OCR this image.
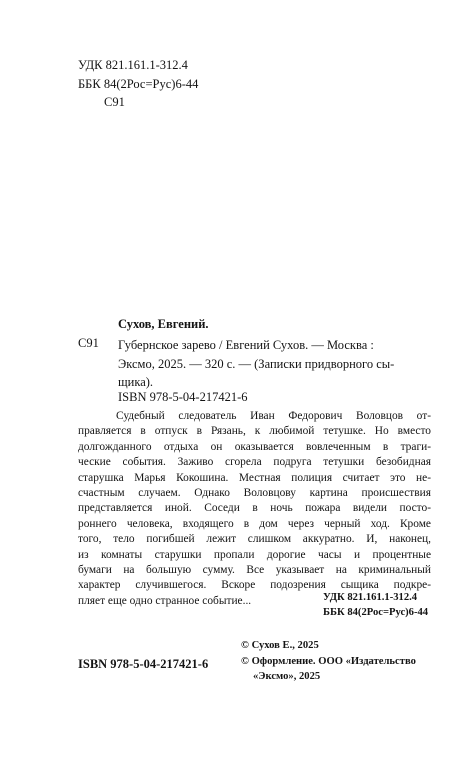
УДК 821.161.1-312.4
ББК 84(2Рос=Рус)6-44
С91
Сухов, Евгений.
С91 Губернское зарево / Евгений Сухов. — Москва :
Эксмо, 2025. — 320 с. — (Записки придворного сы-
щика).
ISBN 978-5-04-217421-6
Судебный следователь Иван Федорович Воловцов от-
правляется в отпуск в Рязань, к любимой тетушке. Но вместо
долгожданного отдыха он оказывается вовлеченным в траги-
ческие события. Заживо сгорела подруга тетушки безобидная
старушка Марья Кокошина. Местная полиция считает это не-
счастным случаем. Однако Воловцову картина происшествия
представляется иной. Соседи в ночь пожара видели посто-
роннего человека, входящего в дом через черный ход. Кроме
того, тело погибшей лежит слишком аккуратно. И, наконец,
из комнаты старушки пропали дорогие часы и процентные
бумаги на большую сумму. Все указывает на криминальный
характер случившегося. Вскоре подозрения сыщика подкре-
пляет еще одно странное событие...	УДК 821.161.1-312.4
ББК 84(2Рос=Рус)6-44
© Сухов Е., 2025
© Оформление. ООО «Издательство
«Эксмо», 2025
ISBN 978-5-04-217421-6
